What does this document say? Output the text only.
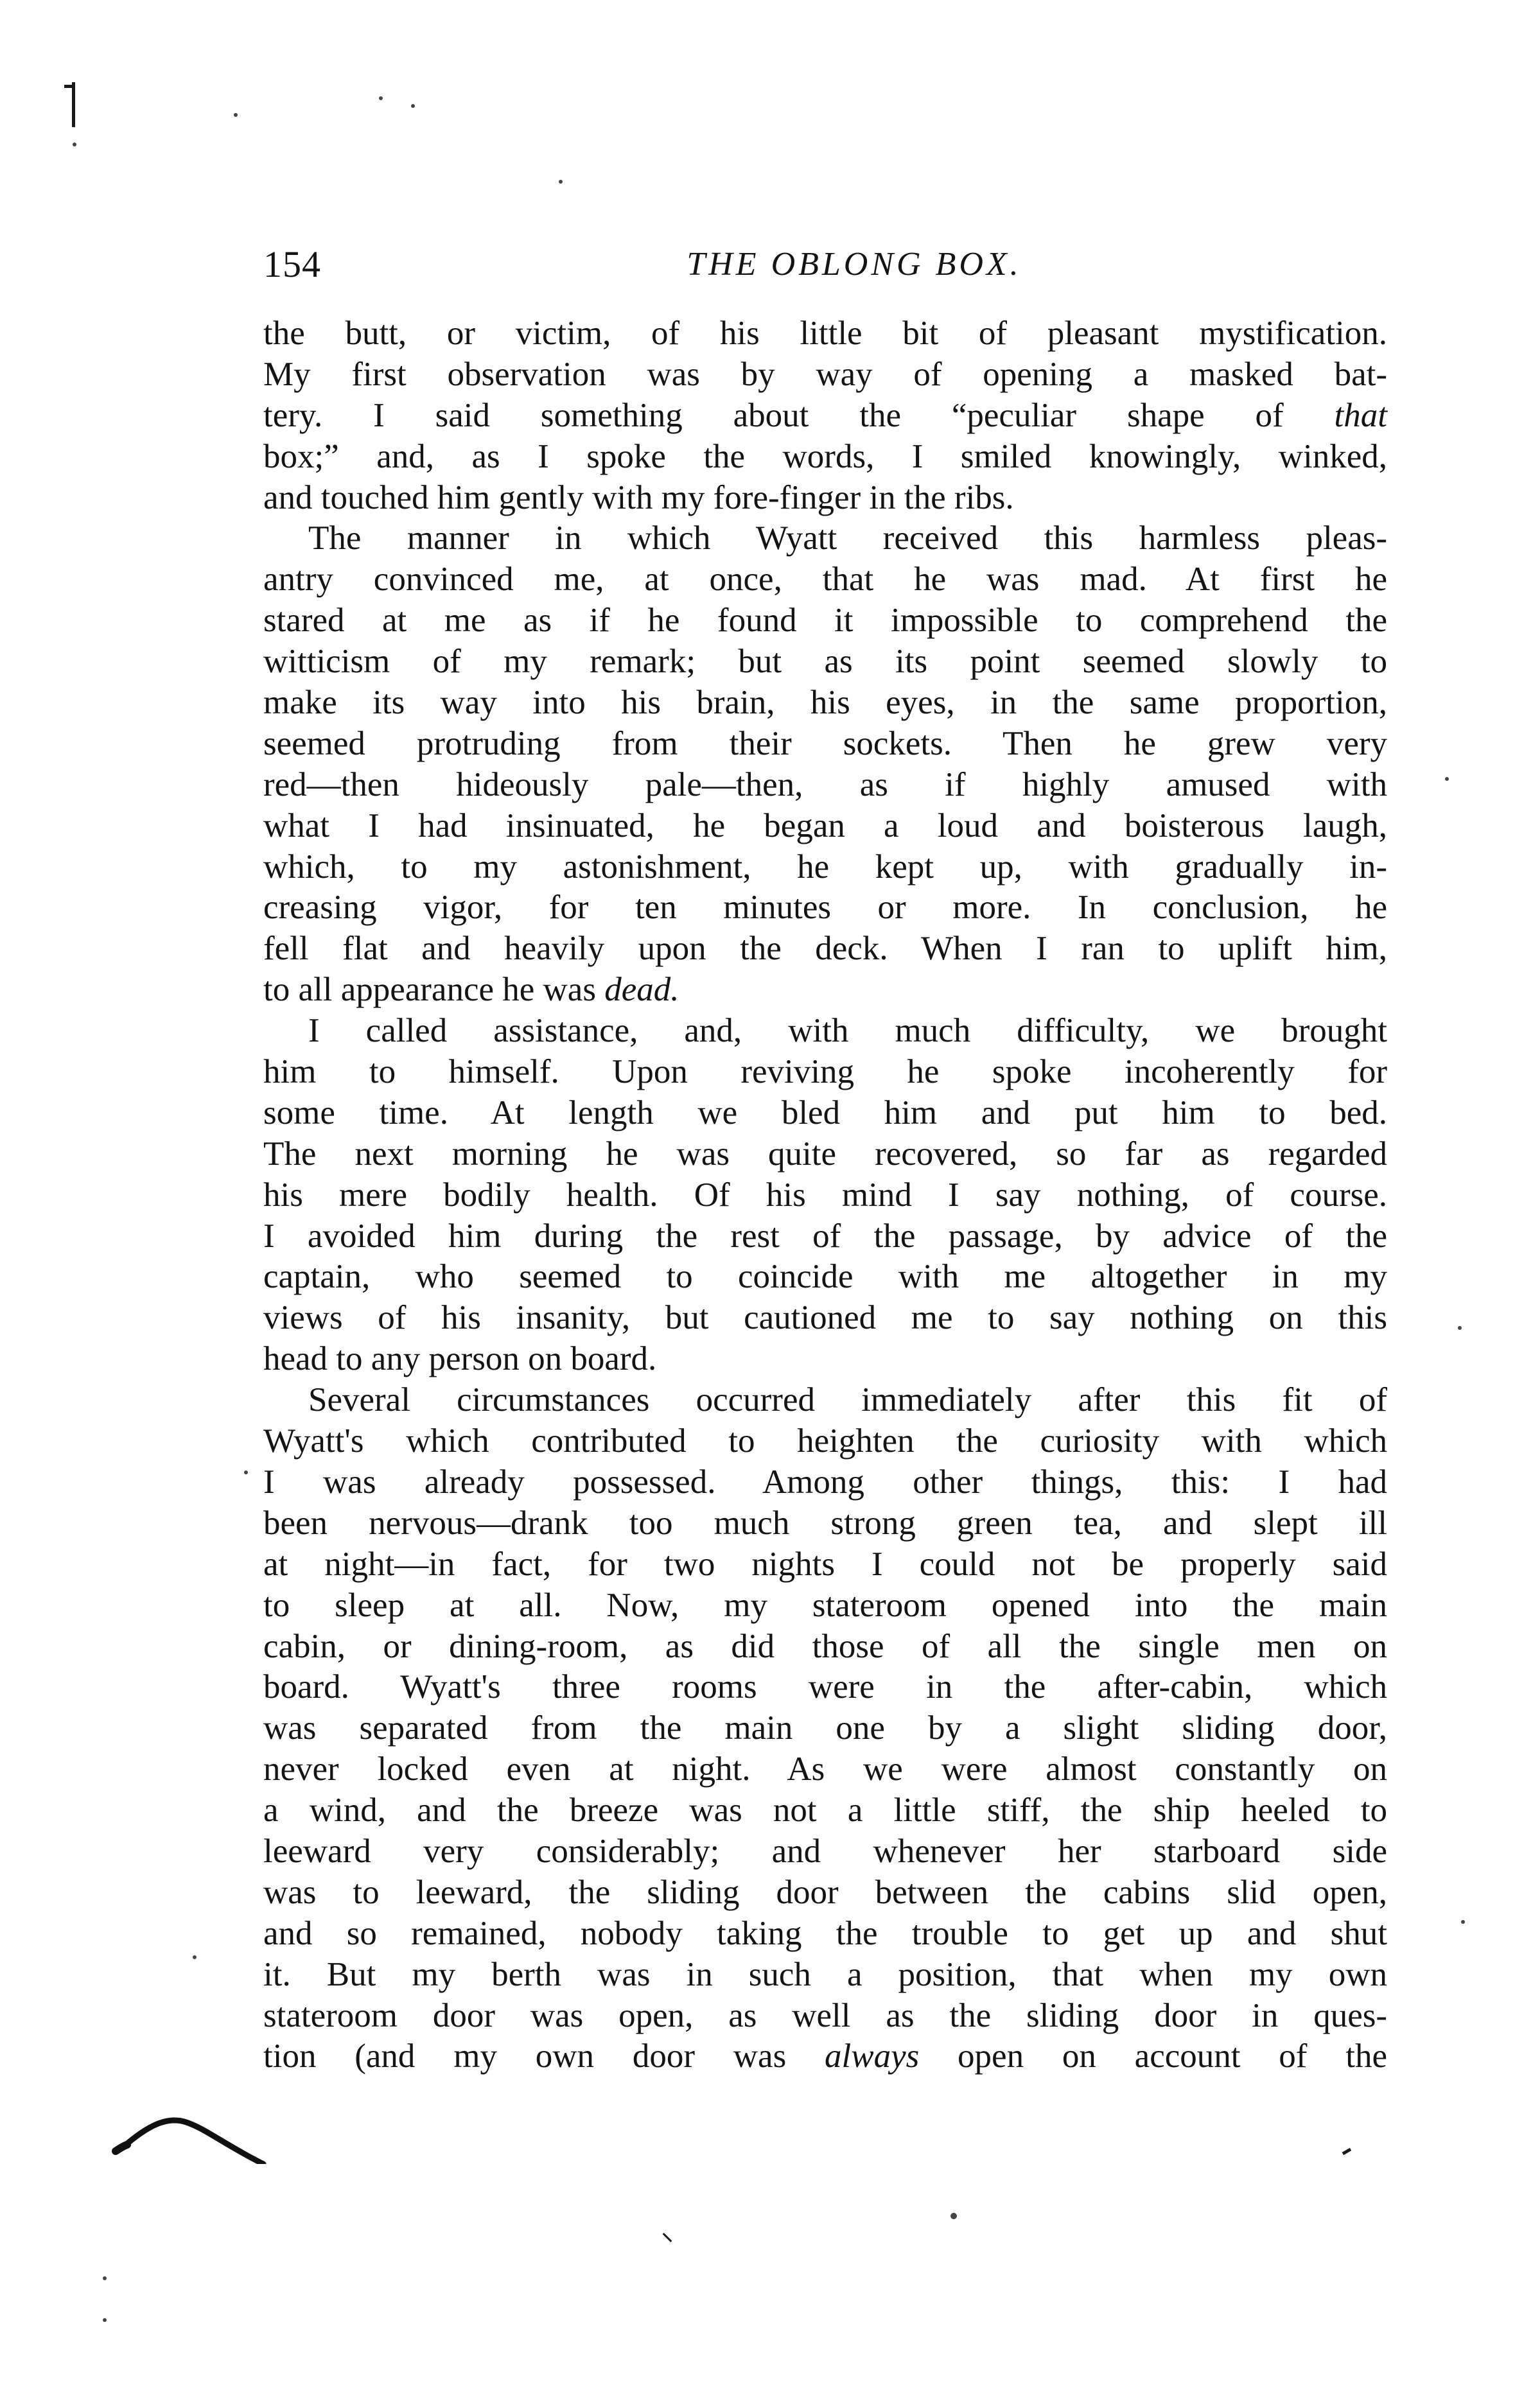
154	THE OBLONG BOX.
the butt, or victim, of his little bit of pleasant mystification.
My first observation was by way of opening a masked bat-
tery. I said something about the “peculiar shape of that
box;” and, as I spoke the words, I smiled knowingly, winked,
and touched him gently with my fore-finger in the ribs.
The manner in which Wyatt received this harmless pleas-
antry convinced me, at once, that he was mad. At first he
stared at me as if he found it impossible to comprehend the
witticism of my remark; but as its point seemed slowly to
make its way into his brain, his eyes, in the same proportion,
seemed protruding from their sockets. Then he grew very
red—then hideously pale—then, as if highly amused with
what I had insinuated, he began a loud and boisterous laugh,
which, to my astonishment, he kept up, with gradually in-
creasing vigor, for ten minutes or more. In conclusion, he
fell flat and heavily upon the deck. When I ran to uplift him,
to all appearance he was dead.
I called assistance, and, with much difficulty, we brought
him to himself. Upon reviving he spoke incoherently for
some time. At length we bled him and put him to bed.
The next morning he was quite recovered, so far as regarded
his mere bodily health. Of his mind I say nothing, of course.
I avoided him during the rest of the passage, by advice of the
captain, who seemed to coincide with me altogether in my
views of his insanity, but cautioned me to say nothing on this
head to any person on board.
Several circumstances occurred immediately after this fit of
Wyatt's which contributed to heighten the curiosity with which
I was already possessed. Among other things, this: I had
been nervous—drank too much strong green tea, and slept ill
at night—in fact, for two nights I could not be properly said
to sleep at all. Now, my stateroom opened into the main
cabin, or dining-room, as did those of all the single men on
board. Wyatt's three rooms were in the after-cabin, which
was separated from the main one by a slight sliding door,
never locked even at night. As we were almost constantly on
a wind, and the breeze was not a little stiff, the ship heeled to
leeward very considerably; and whenever her starboard side
was to leeward, the sliding door between the cabins slid open,
and so remained, nobody taking the trouble to get up and shut
it. But my berth was in such a position, that when my own
stateroom door was open, as well as the sliding door in ques-
tion (and my own door was always open on account of the
